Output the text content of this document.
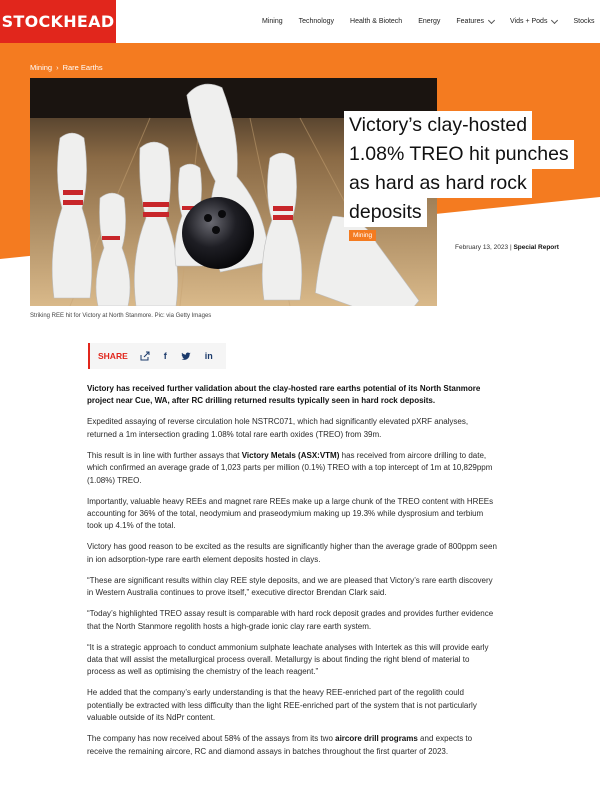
STOCKHEAD	Mining Technology Health & Biotech Energy Features	Vids + Pods	Stocks
Mining › Rare Earths
Striking REE hit for Victory at North Stanmore. Pic: via Getty Images
Victory’s clay-hosted
1.08% TREO hit punches
as hard as hard rock
deposits
Mining
February 13, 2023 | Special Report
SHARE	f	in

Victory has received further validation about the clay-hosted rare earths potential of its North Stanmore project near Cue, WA, after RC drilling returned results typically seen in hard rock deposits.

Expedited assaying of reverse circulation hole NSTRC071, which had significantly elevated pXRF analyses, returned a 1m intersection grading 1.08% total rare earth oxides (TREO) from 39m.

This result is in line with further assays that Victory Metals (ASX:VTM) has received from aircore drilling to date, which confirmed an average grade of 1,023 parts per million (0.1%) TREO with a top intercept of 1m at 10,829ppm (1.08%) TREO.

Importantly, valuable heavy REEs and magnet rare REEs make up a large chunk of the TREO content with HREEs accounting for 36% of the total, neodymium and praseodymium making up 19.3% while dysprosium and terbium took up 4.1% of the total.

Victory has good reason to be excited as the results are significantly higher than the average grade of 800ppm seen in ion adsorption-type rare earth element deposits hosted in clays.

“These are significant results within clay REE style deposits, and we are pleased that Victory’s rare earth discovery in Western Australia continues to prove itself,” executive director Brendan Clark said.

“Today’s highlighted TREO assay result is comparable with hard rock deposit grades and provides further evidence that the North Stanmore regolith hosts a high-grade ionic clay rare earth system.

“It is a strategic approach to conduct ammonium sulphate leachate analyses with Intertek as this will provide early data that will assist the metallurgical process overall. Metallurgy is about finding the right blend of material to process as well as optimising the chemistry of the leach reagent.”

He added that the company’s early understanding is that the heavy REE-enriched part of the regolith could potentially be extracted with less difficulty than the light REE-enriched part of the system that is not particularly valuable outside of its NdPr content.

The company has now received about 58% of the assays from its two aircore drill programs and expects to receive the remaining aircore, RC and diamond assays in batches throughout the first quarter of 2023.
